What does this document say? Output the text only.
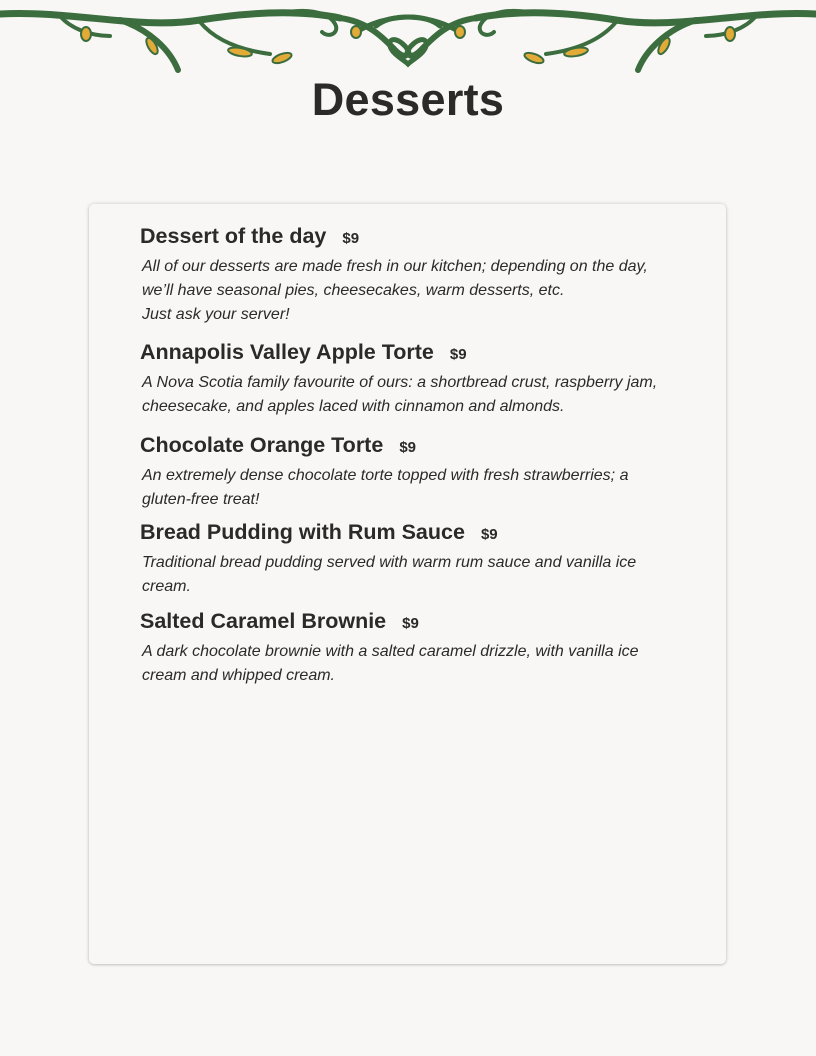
Desserts
Dessert of the day $9
All of our desserts are made fresh in our kitchen; depending on the day,
we’ll have seasonal pies, cheesecakes, warm desserts, etc.
Just ask your server!
Annapolis Valley Apple Torte $9
A Nova Scotia family favourite of ours: a shortbread crust, raspberry jam,
cheesecake, and apples laced with cinnamon and almonds.
Chocolate Orange Torte $9
An extremely dense chocolate torte topped with fresh strawberries; a
gluten-free treat!
Bread Pudding with Rum Sauce $9
Traditional bread pudding served with warm rum sauce and vanilla ice
cream.
Salted Caramel Brownie $9
A dark chocolate brownie with a salted caramel drizzle, with vanilla ice
cream and whipped cream.
